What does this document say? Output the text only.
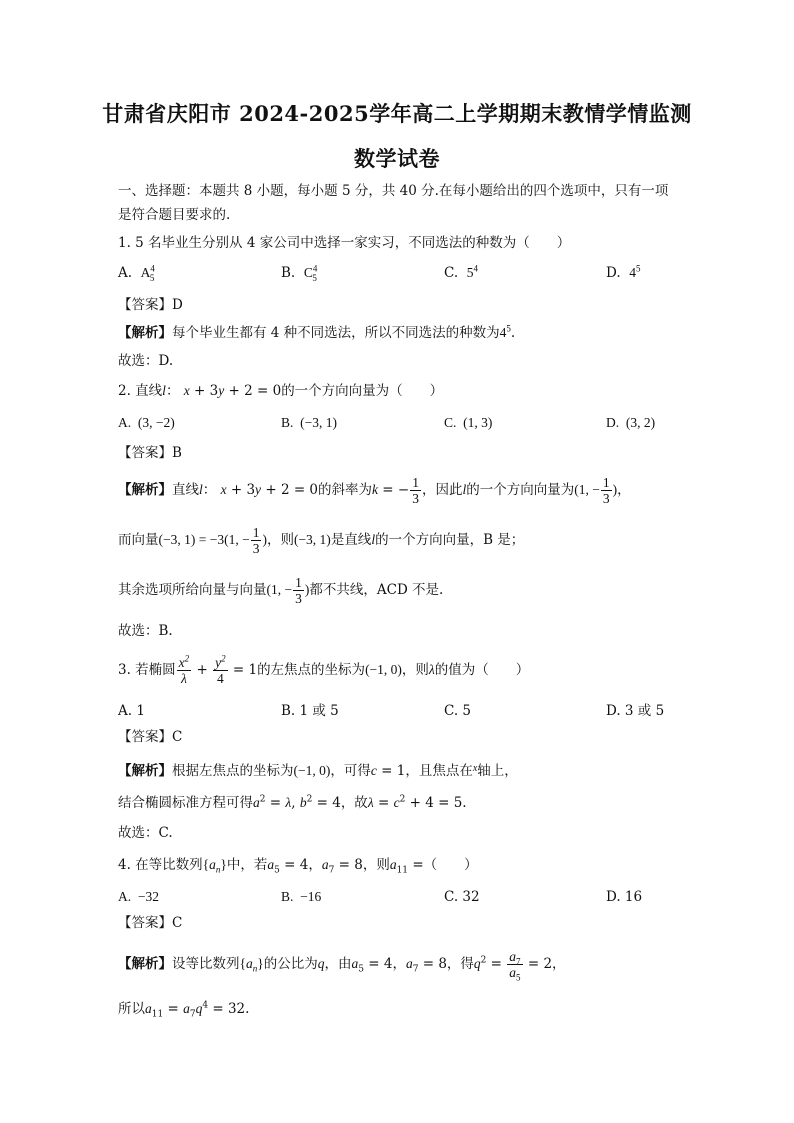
甘肃省庆阳市 2024-2025学年高二上学期期末教情学情监测
数学试卷
一、选择题：本题共 8 小题，每小题 5 分，共 40 分.在每小题给出的四个选项中，只有一项
是符合题目要求的.
1. 5 名毕业生分别从 4 家公司中选择一家实习，不同选法的种数为（　　）
A. $A^4_5$	B. $C^4_5$	C. $5^4$	D. $4^5$
【答案】D
【解析】每个毕业生都有 4 种不同选法，所以不同选法的种数为$4^5$.
故选：D.
2. 直线l： x + 3y + 2 = 0的一个方向向量为（　　）
A.  (3, −2)	B.  (−3, 1)	C.  (1, 3)	D.  (3, 2)
【答案】B
【解析】直线l： x + 3y + 2 = 0的斜率为k = − $\frac{1}{3}$ ，因此l的一个方向向量为(1, − $\frac{1}{3}$ )，
而向量(−3, 1) = −3(1, − $\frac{1}{3}$ )，则(−3, 1)是直线l的一个方向向量，B 是；
其余选项所给向量与向量(1, − $\frac{1}{3}$ )都不共线，ACD 不是.
故选：B.
3. 若椭圆 $\frac{x^2}{\lambda} + \frac{y^2}{4} = 1$的左焦点的坐标为(−1, 0)，则λ的值为（　　）
A. 1	B. 1 或 5	C. 5	D. 3 或 5
【答案】C
【解析】根据左焦点的坐标为(−1, 0)，可得c = 1，且焦点在$^x$轴上，
结合椭圆标准方程可得$a^2 = \lambda$, $b^2 = 4$，故$\lambda = c^2 + 4 = 5$.
故选：C.
4. 在等比数列$\{a_n\}$中，若$a_5 = 4$，$a_7 = 8$，则$a_{11}$ =（　　）
A.  −32	B.  −16	C. 32	D. 16
【答案】C
【解析】设等比数列$\{a_n\}$的公比为q，由$a_5 = 4$，$a_7 = 8$，得$q^2 = \frac{a_7}{a_5} = 2$，
所以$a_{11} = a_7q^4 = 32$.
